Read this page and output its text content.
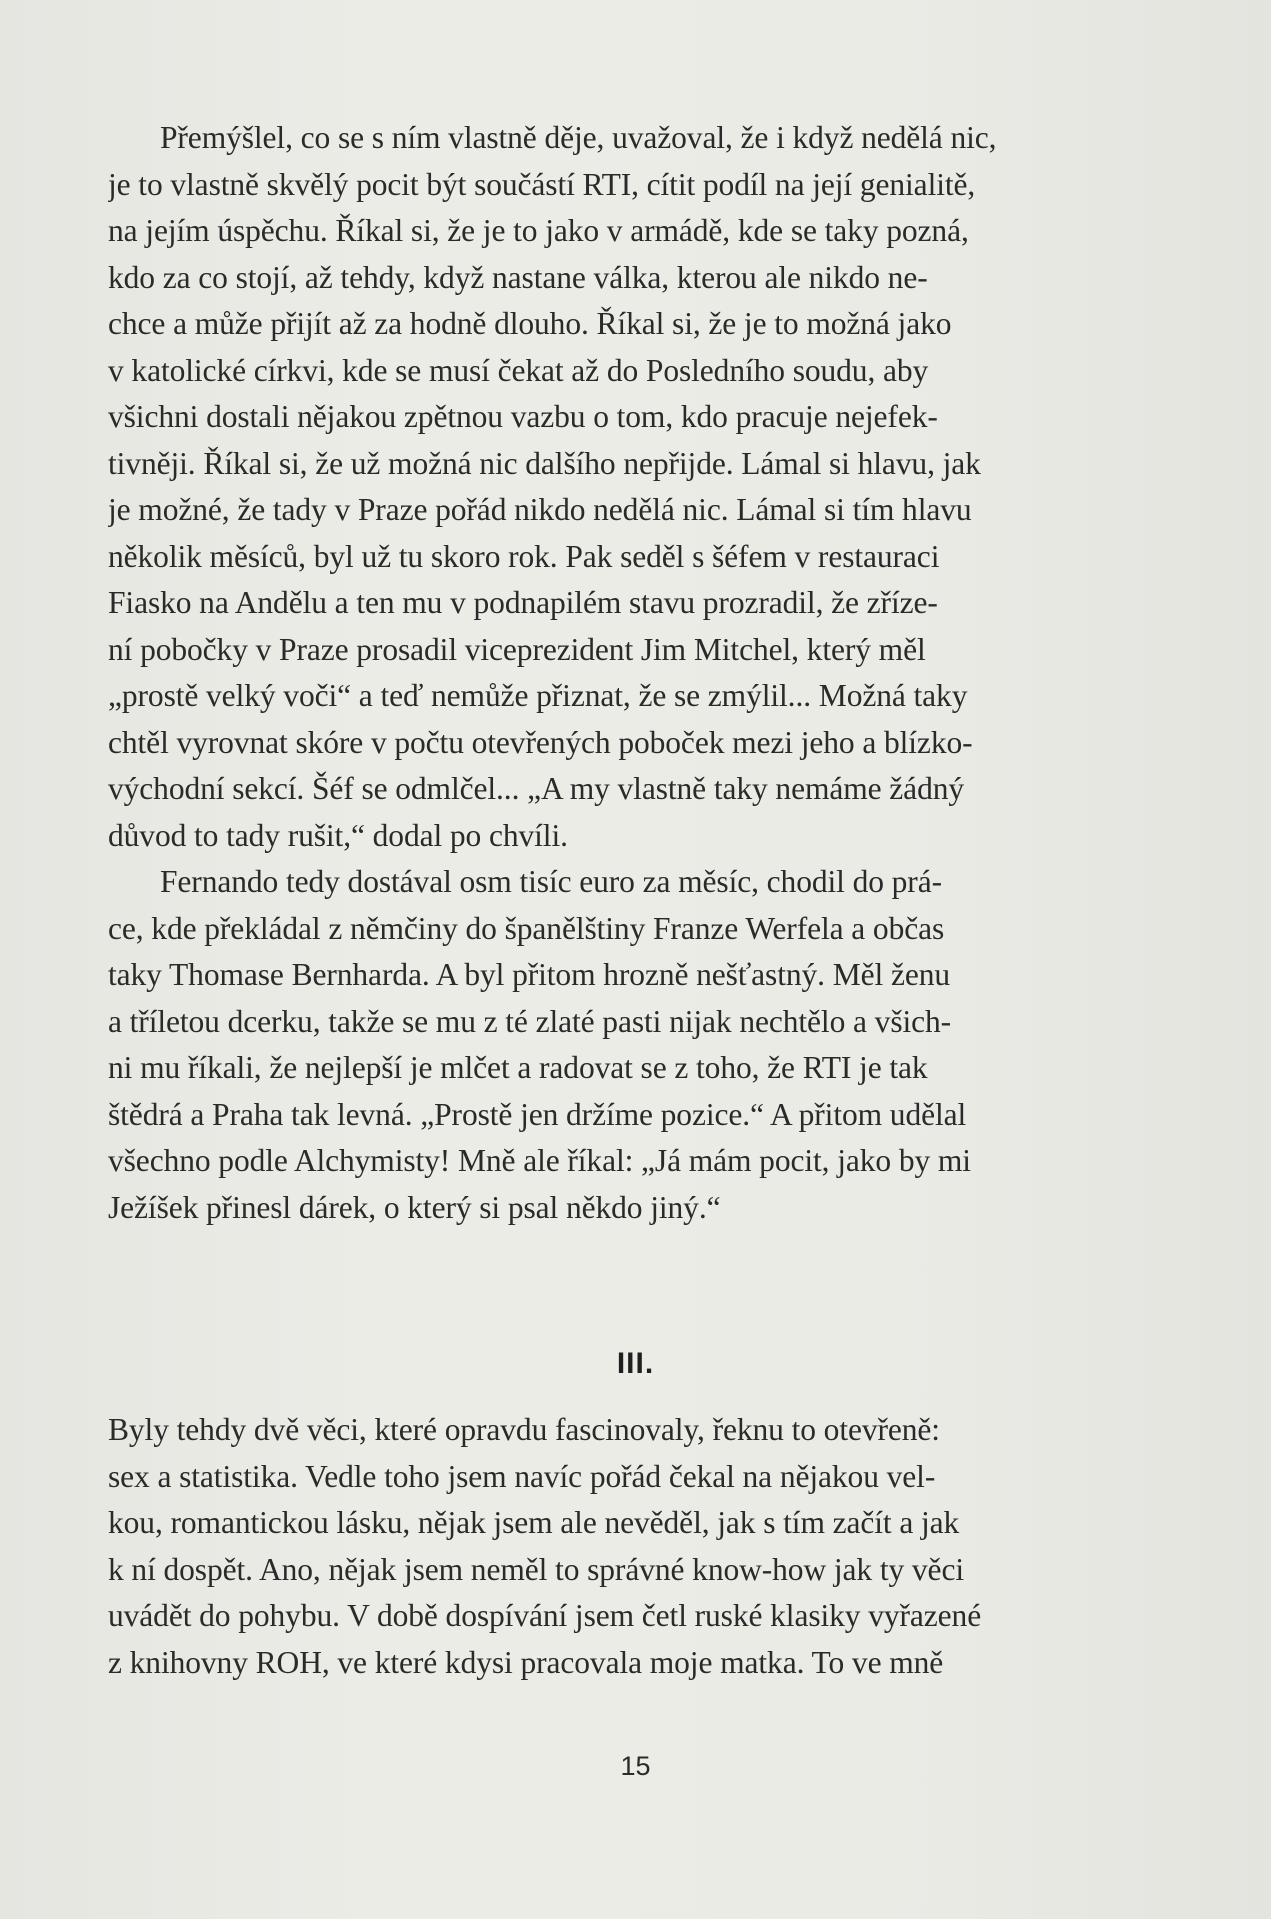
Přemýšlel, co se s ním vlastně děje, uvažoval, že i když nedělá nic,
je to vlastně skvělý pocit být součástí RTI, cítit podíl na její genialitě,
na jejím úspěchu. Říkal si, že je to jako v armádě, kde se taky pozná,
kdo za co stojí, až tehdy, když nastane válka, kterou ale nikdo ne-
chce a může přijít až za hodně dlouho. Říkal si, že je to možná jako
v katolické církvi, kde se musí čekat až do Posledního soudu, aby
všichni dostali nějakou zpětnou vazbu o tom, kdo pracuje nejefek-
tivněji. Říkal si, že už možná nic dalšího nepřijde. Lámal si hlavu, jak
je možné, že tady v Praze pořád nikdo nedělá nic. Lámal si tím hlavu
několik měsíců, byl už tu skoro rok. Pak seděl s šéfem v restauraci
Fiasko na Andělu a ten mu v podnapilém stavu prozradil, že zříze-
ní pobočky v Praze prosadil viceprezident Jim Mitchel, který měl
„prostě velký voči“ a teď nemůže přiznat, že se zmýlil... Možná taky
chtěl vyrovnat skóre v počtu otevřených poboček mezi jeho a blízko-
východní sekcí. Šéf se odmlčel... „A my vlastně taky nemáme žádný
důvod to tady rušit,“ dodal po chvíli.
Fernando tedy dostával osm tisíc euro za měsíc, chodil do prá-
ce, kde překládal z němčiny do španělštiny Franze Werfela a občas
taky Thomase Bernharda. A byl přitom hrozně nešťastný. Měl ženu
a tříletou dcerku, takže se mu z té zlaté pasti nijak nechtělo a všich-
ni mu říkali, že nejlepší je mlčet a radovat se z toho, že RTI je tak
štědrá a Praha tak levná. „Prostě jen držíme pozice.“ A přitom udělal
všechno podle Alchymisty! Mně ale říkal: „Já mám pocit, jako by mi
Ježíšek přinesl dárek, o který si psal někdo jiný.“
III.
Byly tehdy dvě věci, které opravdu fascinovaly, řeknu to otevřeně:
sex a statistika. Vedle toho jsem navíc pořád čekal na nějakou vel-
kou, romantickou lásku, nějak jsem ale nevěděl, jak s tím začít a jak
k ní dospět. Ano, nějak jsem neměl to správné know-how jak ty věci
uvádět do pohybu. V době dospívání jsem četl ruské klasiky vyřazené
z knihovny ROH, ve které kdysi pracovala moje matka. To ve mně
15
